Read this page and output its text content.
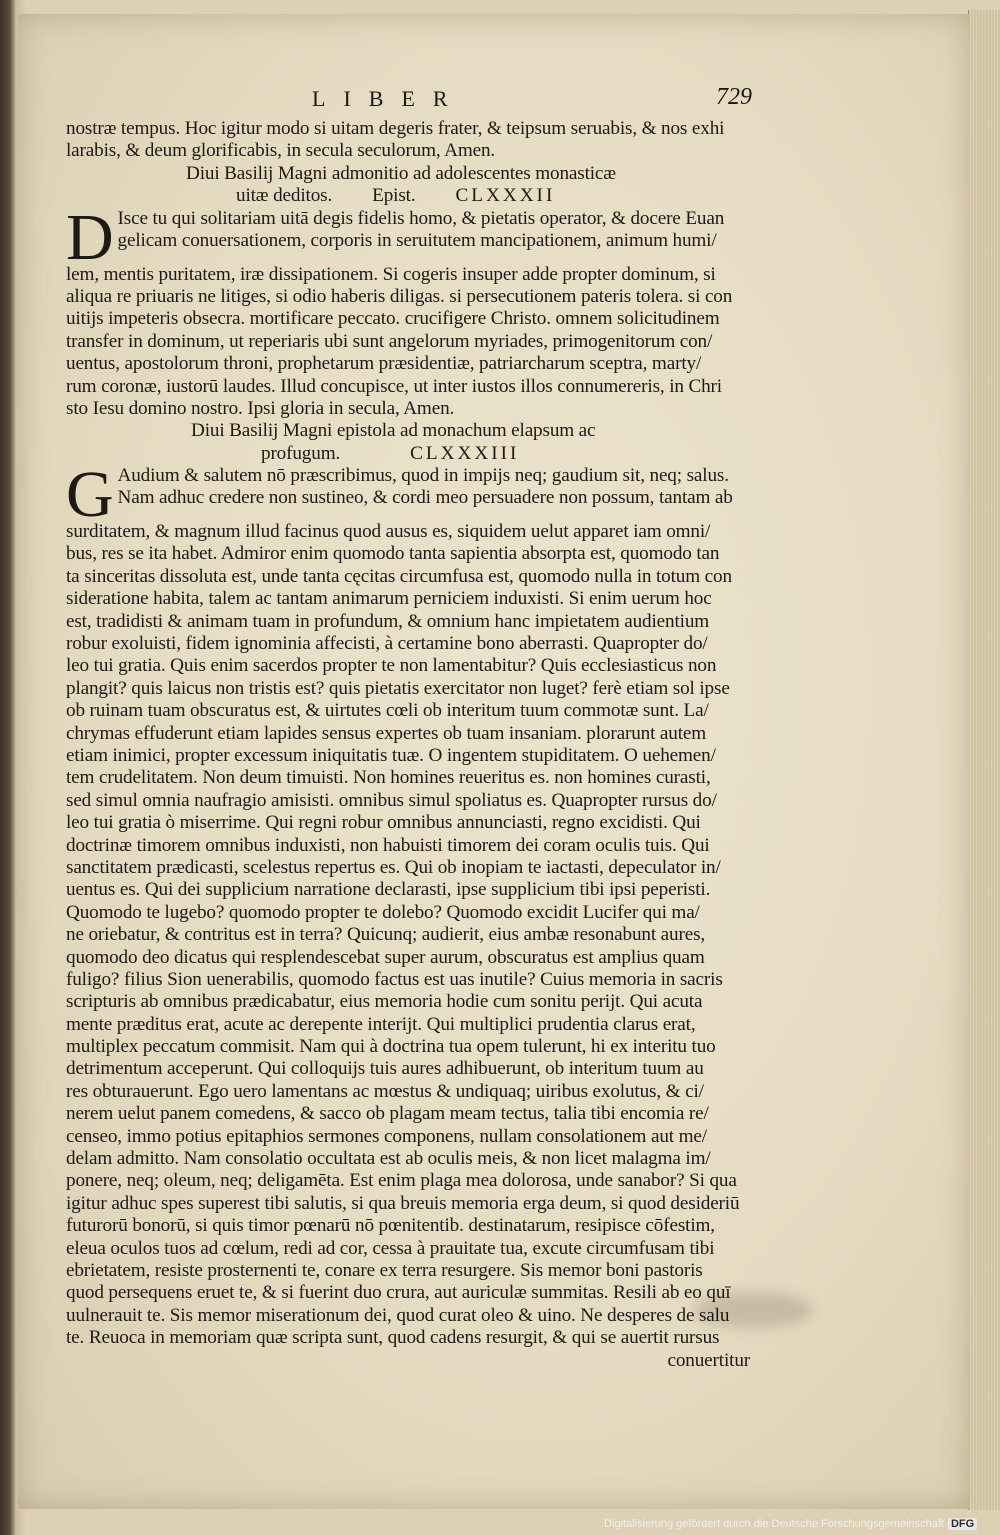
LIBER	729
nostræ tempus. Hoc igitur modo si uitam degeris frater, & teipsum seruabis, & nos exhi
larabis, & deum glorificabis, in secula seculorum, Amen.
Diui Basilij Magni admonitio ad adolescentes monasticæ
uitæ deditos. Epist. CLXXXII
D Isce tu qui solitariam uitā degis fidelis homo, & pietatis operator, & docere Euan
gelicam conuersationem, corporis in seruitutem mancipationem, animum humi/
lem, mentis puritatem, iræ dissipationem. Si cogeris insuper adde propter dominum, si
aliqua re priuaris ne litiges, si odio haberis diligas. si persecutionem pateris tolera. si con
uitijs impeteris obsecra. mortificare peccato. crucifigere Christo. omnem solicitudinem
transfer in dominum, ut reperiaris ubi sunt angelorum myriades, primogenitorum con/
uentus, apostolorum throni, prophetarum præsidentiæ, patriarcharum sceptra, marty/
rum coronæ, iustorū laudes. Illud concupisce, ut inter iustos illos connumereris, in Chri
sto Iesu domino nostro. Ipsi gloria in secula, Amen.
Diui Basilij Magni epistola ad monachum elapsum ac
profugum.	CLXXXIII
G Audium & salutem nō præscribimus, quod in impijs neq; gaudium sit, neq; salus.
Nam adhuc credere non sustineo, & cordi meo persuadere non possum, tantam ab
surditatem, & magnum illud facinus quod ausus es, siquidem uelut apparet iam omni/
bus, res se ita habet. Admiror enim quomodo tanta sapientia absorpta est, quomodo tan
ta sinceritas dissoluta est, unde tanta cęcitas circumfusa est, quomodo nulla in totum con
sideratione habita, talem ac tantam animarum perniciem induxisti. Si enim uerum hoc
est, tradidisti & animam tuam in profundum, & omnium hanc impietatem audientium
robur exoluisti, fidem ignominia affecisti, à certamine bono aberrasti. Quapropter do/
leo tui gratia. Quis enim sacerdos propter te non lamentabitur? Quis ecclesiasticus non
plangit? quis laicus non tristis est? quis pietatis exercitator non luget? ferè etiam sol ipse
ob ruinam tuam obscuratus est, & uirtutes cœli ob interitum tuum commotæ sunt. La/
chrymas effuderunt etiam lapides sensus expertes ob tuam insaniam. plorarunt autem
etiam inimici, propter excessum iniquitatis tuæ. O ingentem stupiditatem. O uehemen/
tem crudelitatem. Non deum timuisti. Non homines reueritus es. non homines curasti,
sed simul omnia naufragio amisisti. omnibus simul spoliatus es. Quapropter rursus do/
leo tui gratia ò miserrime. Qui regni robur omnibus annunciasti, regno excidisti. Qui
doctrinæ timorem omnibus induxisti, non habuisti timorem dei coram oculis tuis. Qui
sanctitatem prædicasti, scelestus repertus es. Qui ob inopiam te iactasti, depeculator in/
uentus es. Qui dei supplicium narratione declarasti, ipse supplicium tibi ipsi peperisti.
Quomodo te lugebo? quomodo propter te dolebo? Quomodo excidit Lucifer qui ma/
ne oriebatur, & contritus est in terra? Quicunq; audierit, eius ambæ resonabunt aures,
quomodo deo dicatus qui resplendescebat super aurum, obscuratus est amplius quam
fuligo? filius Sion uenerabilis, quomodo factus est uas inutile? Cuius memoria in sacris
scripturis ab omnibus prædicabatur, eius memoria hodie cum sonitu perijt. Qui acuta
mente præditus erat, acute ac derepente interijt. Qui multiplici prudentia clarus erat,
multiplex peccatum commisit. Nam qui à doctrina tua opem tulerunt, hi ex interitu tuo
detrimentum acceperunt. Qui colloquijs tuis aures adhibuerunt, ob interitum tuum au
res obturauerunt. Ego uero lamentans ac mœstus & undiquaq; uiribus exolutus, & ci/
nerem uelut panem comedens, & sacco ob plagam meam tectus, talia tibi encomia re/
censeo, immo potius epitaphios sermones componens, nullam consolationem aut me/
delam admitto. Nam consolatio occultata est ab oculis meis, & non licet malagma im/
ponere, neq; oleum, neq; deligamēta. Est enim plaga mea dolorosa, unde sanabor? Si qua
igitur adhuc spes superest tibi salutis, si qua breuis memoria erga deum, si quod desideriū
futurorū bonorū, si quis timor pœnarū nō pœnitentib. destinatarum, resipisce cōfestim,
eleua oculos tuos ad cœlum, redi ad cor, cessa à prauitate tua, excute circumfusam tibi
ebrietatem, resiste prosternenti te, conare ex terra resurgere. Sis memor boni pastoris
quod persequens eruet te, & si fuerint duo crura, aut auriculæ summitas. Resili ab eo quī
uulnerauit te. Sis memor miserationum dei, quod curat oleo & uino. Ne desperes de salu
te. Reuoca in memoriam quæ scripta sunt, quod cadens resurgit, & qui se auertit rursus
conuertitur
Digitalisierung gefördert durch die Deutsche Forschungsgemeinschaft DFG
